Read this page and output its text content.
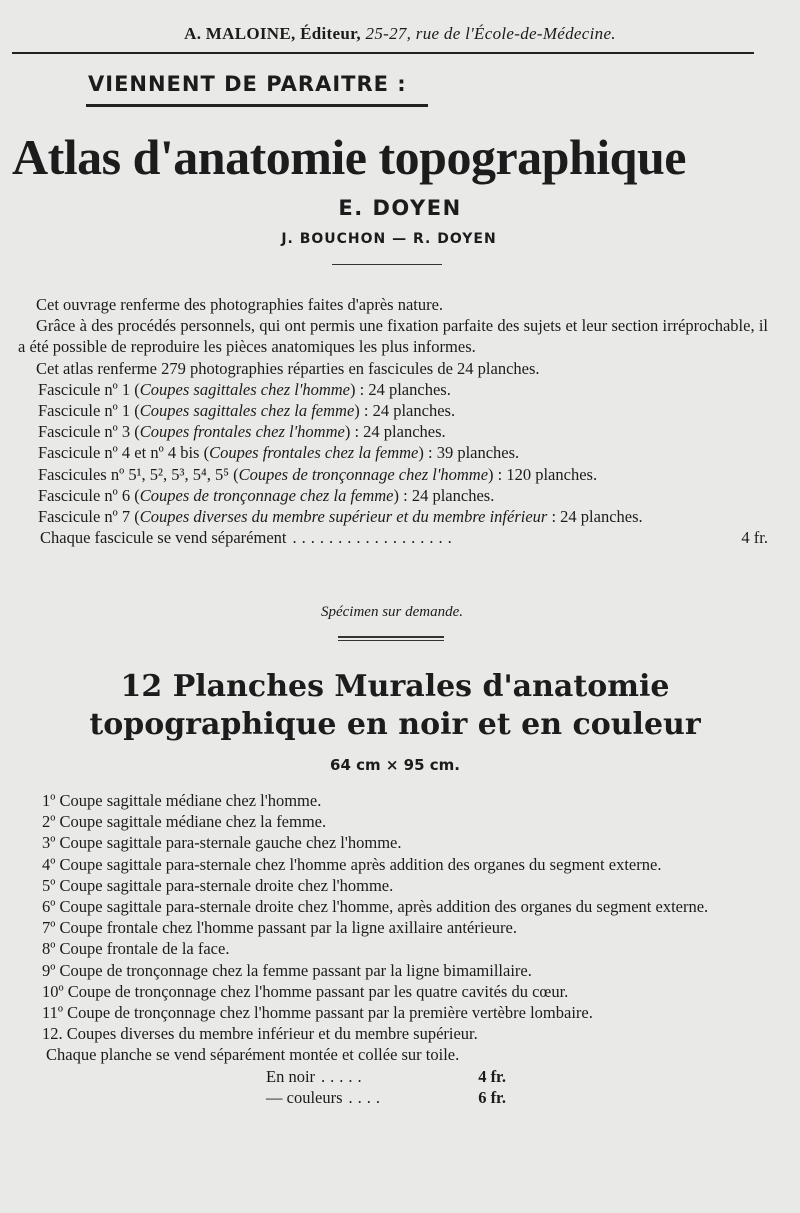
A. MALOINE, Éditeur, 25-27, rue de l'École-de-Médecine.
VIENNENT DE PARAITRE :
Atlas d'anatomie topographique
E. DOYEN
J. BOUCHON — R. DOYEN

Cet ouvrage renferme des photographies faites d'après nature.

Grâce à des procédés personnels, qui ont permis une fixation parfaite des sujets et leur section irréprochable, il a été possible de reproduire les pièces anatomiques les plus informes.

Cet atlas renferme 279 photographies réparties en fascicules de 24 planches.

Fascicule nº 1 (Coupes sagittales chez l'homme) : 24 planches.
Fascicule nº 1 (Coupes sagittales chez la femme) : 24 planches.
Fascicule nº 3 (Coupes frontales chez l'homme) : 24 planches.
Fascicule nº 4 et nº 4 bis (Coupes frontales chez la femme) : 39 planches.
Fascicules nº 5¹, 5², 5³, 5⁴, 5⁵ (Coupes de tronçonnage chez l'homme) : 120 planches.
Fascicule nº 6 (Coupes de tronçonnage chez la femme) : 24 planches.
Fascicule nº 7 (Coupes diverses du membre supérieur et du membre inférieur : 24 planches.
Chaque fascicule se vend séparément ..................	4 fr.
Spécimen sur demande.
12 Planches Murales d'anatomie
topographique en noir et en couleur
64 cm × 95 cm.

1º Coupe sagittale médiane chez l'homme.

2º Coupe sagittale médiane chez la femme.

3º Coupe sagittale para-sternale gauche chez l'homme.

4º Coupe sagittale para-sternale chez l'homme après addition des organes du segment externe.

5º Coupe sagittale para-sternale droite chez l'homme.

6º Coupe sagittale para-sternale droite chez l'homme, après addition des organes du segment externe.

7º Coupe frontale chez l'homme passant par la ligne axillaire antérieure.

8º Coupe frontale de la face.

9º Coupe de tronçonnage chez la femme passant par la ligne bimamillaire.

10º Coupe de tronçonnage chez l'homme passant par les quatre cavités du cœur.

11º Coupe de tronçonnage chez l'homme passant par la première vertèbre lombaire.

12. Coupes diverses du membre inférieur et du membre supérieur.

Chaque planche se vend séparément montée et collée sur toile.

En noir .....	4 fr.
— couleurs ....	6 fr.
